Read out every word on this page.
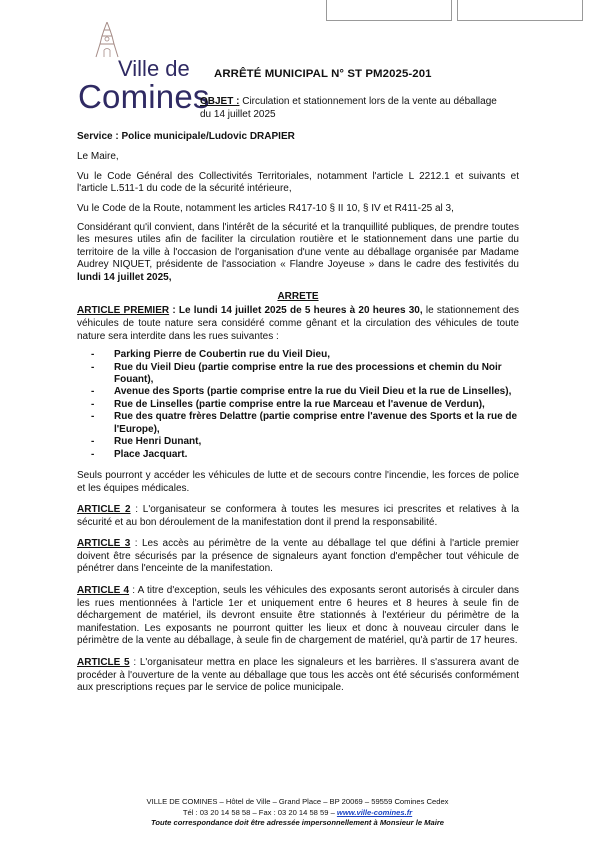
Ville de
Comines
ARRÊTÉ MUNICIPAL N° ST PM2025-201
OBJET : Circulation et stationnement lors de la vente au déballage du 14 juillet 2025

Service : Police municipale/Ludovic DRAPIER

Le Maire,

Vu le Code Général des Collectivités Territoriales, notamment l'article L 2212.1 et suivants et l'article L.511-1 du code de la sécurité intérieure,

Vu le Code de la Route, notamment les articles R417-10 § II 10, § IV et R411-25 al 3,

Considérant qu'il convient, dans l'intérêt de la sécurité et la tranquillité publiques, de prendre toutes les mesures utiles afin de faciliter la circulation routière et le stationnement dans une partie du territoire de la ville à l'occasion de l'organisation d'une vente au déballage organisée par Madame Audrey NIQUET, présidente de l'association « Flandre Joyeuse » dans le cadre des festivités du lundi 14 juillet 2025,

ARRETE

ARTICLE PREMIER : Le lundi 14 juillet 2025 de 5 heures à 20 heures 30, le stationnement des véhicules de toute nature sera considéré comme gênant et la circulation des véhicules de toute nature sera interdite dans les rues suivantes :

- Parking Pierre de Coubertin rue du Vieil Dieu,
- Rue du Vieil Dieu (partie comprise entre la rue des processions et chemin du Noir Fouant),
- Avenue des Sports (partie comprise entre la rue du Vieil Dieu et la rue de Linselles),
- Rue de Linselles (partie comprise entre la rue Marceau et l'avenue de Verdun),
- Rue des quatre frères Delattre (partie comprise entre l'avenue des Sports et la rue de l'Europe),
- Rue Henri Dunant,
- Place Jacquart.

Seuls pourront y accéder les véhicules de lutte et de secours contre l'incendie, les forces de police et les équipes médicales.

ARTICLE 2 : L'organisateur se conformera à toutes les mesures ici prescrites et relatives à la sécurité et au bon déroulement de la manifestation dont il prend la responsabilité.

ARTICLE 3 : Les accès au périmètre de la vente au déballage tel que défini à l'article premier doivent être sécurisés par la présence de signaleurs ayant fonction d'empêcher tout véhicule de pénétrer dans l'enceinte de la manifestation.

ARTICLE 4 : A titre d'exception, seuls les véhicules des exposants seront autorisés à circuler dans les rues mentionnées à l'article 1er et uniquement entre 6 heures et 8 heures à seule fin de déchargement de matériel, ils devront ensuite être stationnés à l'extérieur du périmètre de la manifestation. Les exposants ne pourront quitter les lieux et donc à nouveau circuler dans le périmètre de la vente au déballage, à seule fin de chargement de matériel, qu'à partir de 17 heures.

ARTICLE 5 : L'organisateur mettra en place les signaleurs et les barrières. Il s'assurera avant de procéder à l'ouverture de la vente au déballage que tous les accès ont été sécurisés conformément aux prescriptions reçues par le service de police municipale.

VILLE DE COMINES – Hôtel de Ville – Grand Place – BP 20069 – 59559 Comines Cedex
Tél : 03 20 14 58 58 – Fax : 03 20 14 58 59 – www.ville-comines.fr
Toute correspondance doit être adressée impersonnellement à Monsieur le Maire
